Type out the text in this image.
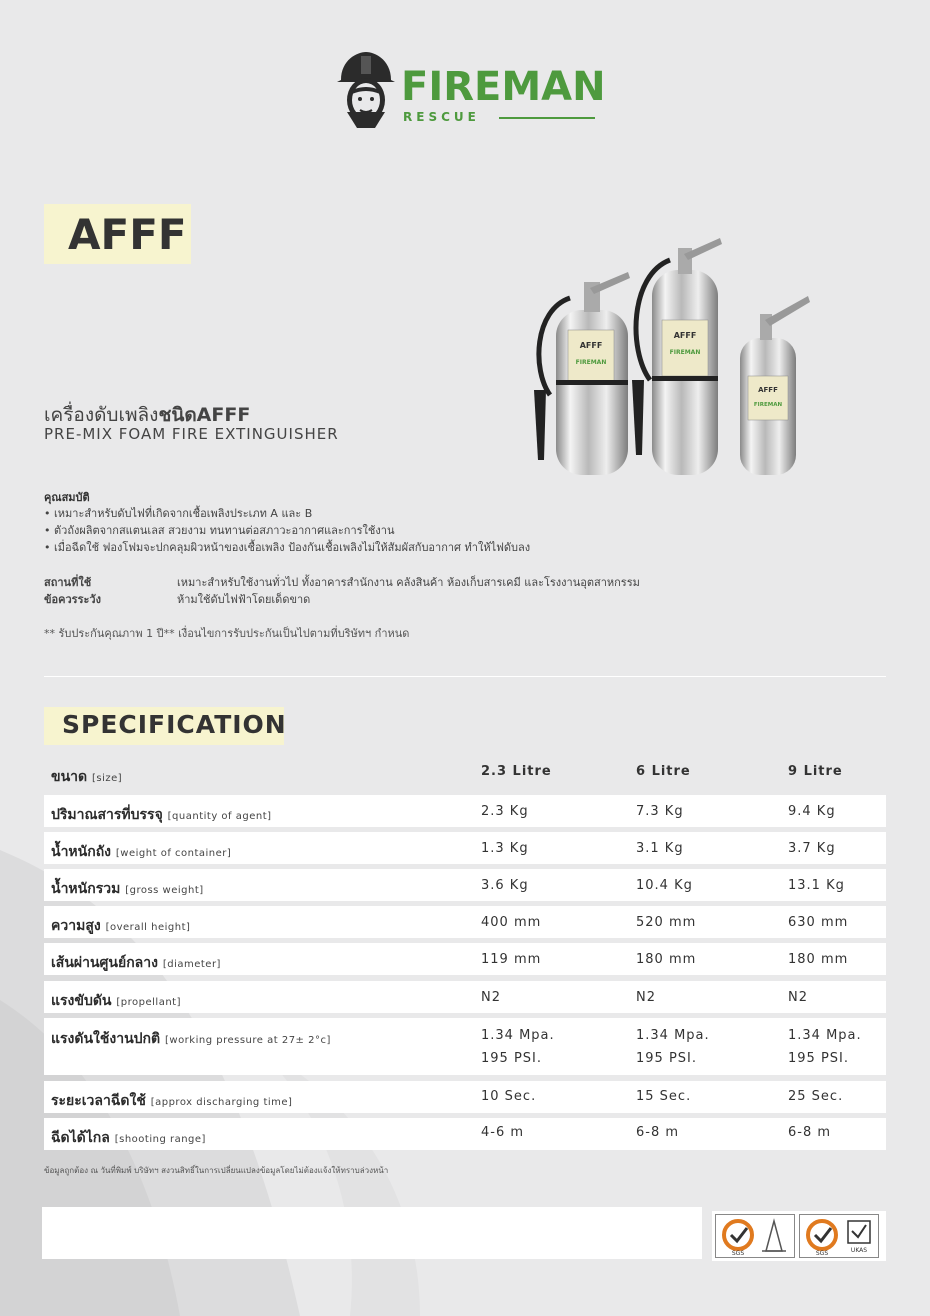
FIREMAN
RESCUE
AFFF
เครื่องดับเพลิงชนิดAFFF
PRE-MIX FOAM FIRE EXTINGUISHER
AFFF
FIREMAN
AFFF
FIREMAN
AFFF
FIREMAN
คุณสมบัติ
• เหมาะสำหรับดับไฟที่เกิดจากเชื้อเพลิงประเภท A และ B
• ตัวถังผลิตจากสแตนเลส สวยงาม ทนทานต่อสภาวะอากาศและการใช้งาน
• เมื่อฉีดใช้ ฟองโฟมจะปกคลุมผิวหน้าของเชื้อเพลิง ป้องกันเชื้อเพลิงไม่ให้สัมผัสกับอากาศ ทำให้ไฟดับลง
สถานที่ใช้	เหมาะสำหรับใช้งานทั่วไป ทั้งอาคารสำนักงาน คลังสินค้า ห้องเก็บสารเคมี และโรงงานอุตสาหกรรม
ข้อควรระวัง	ห้ามใช้ดับไฟฟ้าโดยเด็ดขาด
** รับประกันคุณภาพ 1 ปี** เงื่อนไขการรับประกันเป็นไปตามที่บริษัทฯ กำหนด
SPECIFICATION
ขนาด [size]	2.3 Litre	6 Litre	9 Litre
ปริมาณสารที่บรรจุ [quantity of agent]	2.3 Kg	7.3 Kg	9.4 Kg
น้ำหนักถัง [weight of container]	1.3 Kg	3.1 Kg	3.7 Kg
น้ำหนักรวม [gross weight]	3.6 Kg	10.4 Kg	13.1 Kg
ความสูง [overall height]	400 mm	520 mm	630 mm
เส้นผ่านศูนย์กลาง [diameter]	119 mm	180 mm	180 mm
แรงขับดัน [propellant]	N2	N2	N2
แรงดันใช้งานปกติ [working pressure at 27± 2°c]	1.34 Mpa.	1.34 Mpa.	1.34 Mpa.
195 PSI.	195 PSI.	195 PSI.
ระยะเวลาฉีดใช้ [approx discharging time]	10 Sec.	15 Sec.	25 Sec.
ฉีดได้ไกล [shooting range]	4-6 m	6-8 m	6-8 m
ข้อมูลถูกต้อง ณ วันที่พิมพ์ บริษัทฯ สงวนสิทธิ์ในการเปลี่ยนแปลงข้อมูลโดยไม่ต้องแจ้งให้ทราบล่วงหน้า
SGS	SGS	UKAS
